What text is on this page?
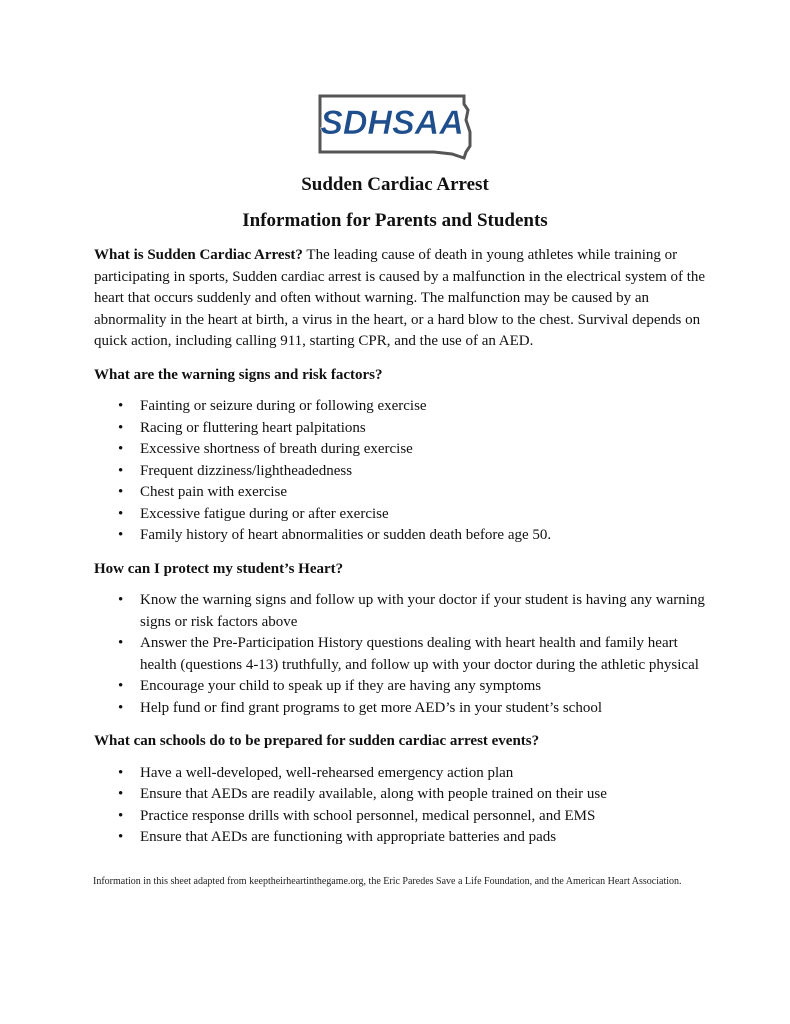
SDHSAA
Sudden Cardiac Arrest
Information for Parents and Students

What is Sudden Cardiac Arrest? The leading cause of death in young athletes while training or participating in sports, Sudden cardiac arrest is caused by a malfunction in the electrical system of the heart that occurs suddenly and often without warning. The malfunction may be caused by an abnormality in the heart at birth, a virus in the heart, or a hard blow to the chest. Survival depends on quick action, including calling 911, starting CPR, and the use of an AED.

What are the warning signs and risk factors?
• Fainting or seizure during or following exercise
• Racing or fluttering heart palpitations
• Excessive shortness of breath during exercise
• Frequent dizziness/lightheadedness
• Chest pain with exercise
• Excessive fatigue during or after exercise
• Family history of heart abnormalities or sudden death before age 50.
How can I protect my student’s Heart?
• Know the warning signs and follow up with your doctor if your student is having any warning signs or risk factors above
• Answer the Pre-Participation History questions dealing with heart health and family heart health (questions 4-13) truthfully, and follow up with your doctor during the athletic physical
• Encourage your child to speak up if they are having any symptoms
• Help fund or find grant programs to get more AED’s in your student’s school
What can schools do to be prepared for sudden cardiac arrest events?
• Have a well-developed, well-rehearsed emergency action plan
• Ensure that AEDs are readily available, along with people trained on their use
• Practice response drills with school personnel, medical personnel, and EMS
• Ensure that AEDs are functioning with appropriate batteries and pads
Information in this sheet adapted from keeptheirheartinthegame.org, the Eric Paredes Save a Life Foundation, and the American Heart Association.
